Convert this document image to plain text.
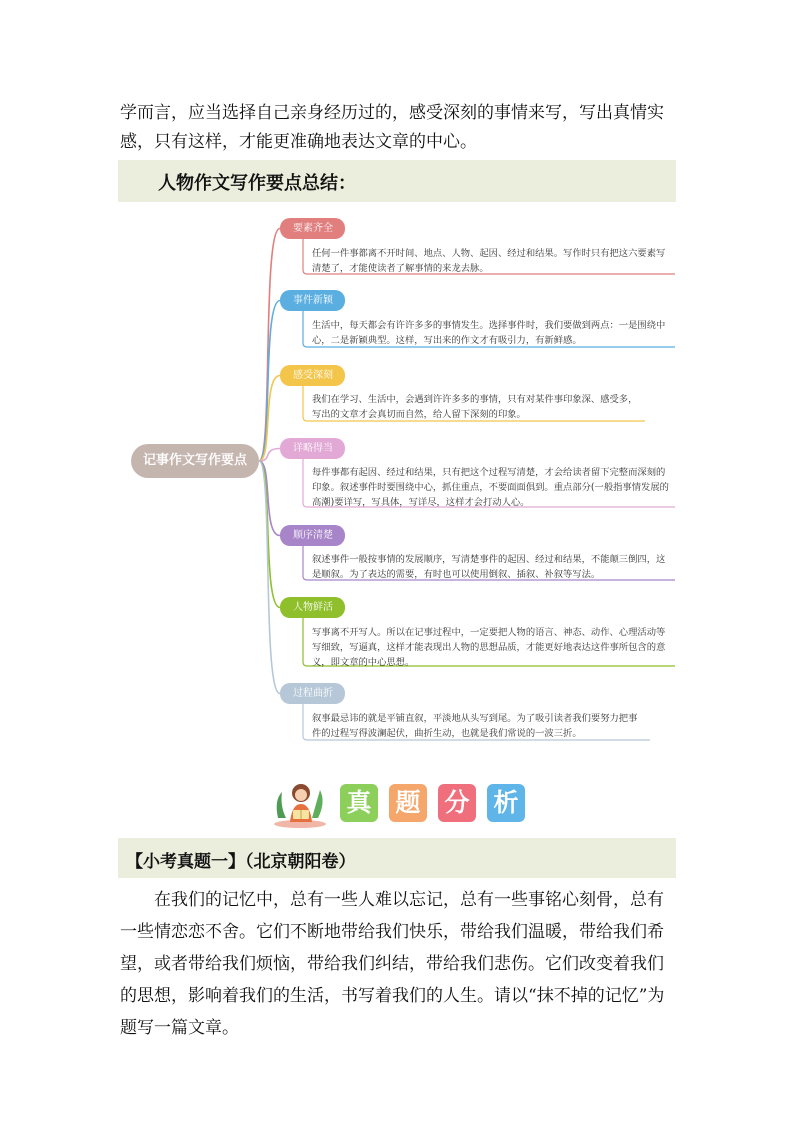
学而言，应当选择自己亲身经历过的，感受深刻的事情来写，写出真情实感，只有这样，才能更准确地表达文章的中心。

人物作文写作要点总结：
记事作文写作要点
要素齐全
任何一件事都离不开时间、地点、人物、起因、经过和结果。写作时只有把这六要素写清楚了，才能使读者了解事情的来龙去脉。
事件新颖
生活中，每天都会有许许多多的事情发生。选择事件时，我们要做到两点：一是围绕中心，二是新颖典型。这样，写出来的作文才有吸引力，有新鲜感。
感受深刻
我们在学习、生活中，会遇到许许多多的事情，只有对某件事印象深、感受多，写出的文章才会真切而自然，给人留下深刻的印象。
详略得当
每件事都有起因、经过和结果，只有把这个过程写清楚，才会给读者留下完整而深刻的印象。叙述事件时要围绕中心，抓住重点，不要面面俱到。重点部分(一般指事情发展的高潮)要详写，写具体，写详尽，这样才会打动人心。
顺序清楚
叙述事件一般按事情的发展顺序，写清楚事件的起因、经过和结果，不能颠三倒四，这是顺叙。为了表达的需要，有时也可以使用倒叙、插叙、补叙等写法。
人物鲜活
写事离不开写人。所以在记事过程中，一定要把人物的语言、神态、动作、心理活动等写细致，写逼真，这样才能表现出人物的思想品质，才能更好地表达这件事所包含的意义，即文章的中心思想。
过程曲折
叙事最忌讳的就是平铺直叙，平淡地从头写到尾。为了吸引读者我们要努力把事件的过程写得波澜起伏，曲折生动，也就是我们常说的一波三折。
真 题 分 析
【小考真题一】（北京朝阳卷）

在我们的记忆中，总有一些人难以忘记，总有一些事铭心刻骨，总有一些情恋恋不舍。它们不断地带给我们快乐，带给我们温暖，带给我们希望，或者带给我们烦恼，带给我们纠结，带给我们悲伤。它们改变着我们的思想，影响着我们的生活，书写着我们的人生。请以“抹不掉的记忆”为题写一篇文章。
